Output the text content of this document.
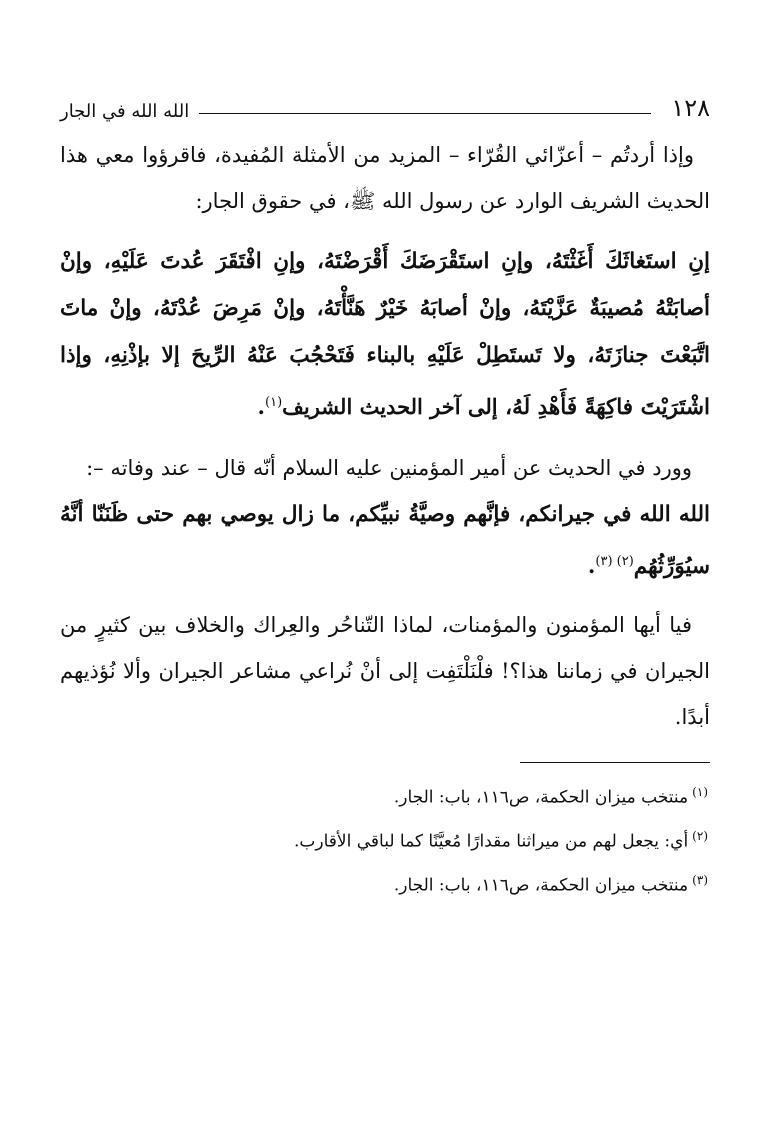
١٢٨
الله الله في الجار

وإذا أردتُم – أعزّائي القُرّاء – المزيد من الأمثلة المُفيدة، فاقرؤوا معي هذا الحديث الشريف الوارد عن رسول الله ﷺ، في حقوق الجار:

إنِ استَغاثَكَ أَغَثْتَهُ، وإنِ استَقْرَضَكَ أَقْرَضْتَهُ، وإنِ افْتَقَرَ عُدتَ عَلَيْهِ، وإنْ أصابَتْهُ مُصيبَةٌ عَزَّيْتَهُ، وإنْ أصابَهُ خَيْرٌ هَنَّأْتَهُ، وإنْ مَرِضَ عُدْتَهُ، وإنْ ماتَ اتَّبَعْتَ جنازَتَهُ، ولا تَستَطِلْ عَلَيْهِ بالبناء فَتَحْجُبَ عَنْهُ الرِّيحَ إلا بإذْنِهِ، وإذا اشْتَرَيْتَ فاكِهَةً فَأَهْدِ لَهُ، إلى آخر الحديث الشريف$^{(١)}$.

وورد في الحديث عن أمير المؤمنين عليه السلام أنّه قال – عند وفاته –:

الله الله في جيرانكم، فإنَّهم وصيَّةُ نبيِّكم، ما زال يوصي بهم حتى ظَنَنّا أنَّهُ سيُوَرِّثُهُم$^{(٢) (٣)}$.

فيا أيها المؤمنون والمؤمنات، لماذا التّناحُر والعِراك والخلاف بين كثيرٍ من الجيران في زماننا هذا؟! فلْنَلْتَفِت إلى أنْ نُراعي مشاعر الجيران وألا نُؤذيهم أبدًا.

$^{(١)}$منتخب ميزان الحكمة، ص١١٦، باب: الجار.

$^{(٢)}$أي: يجعل لهم من ميراثنا مقدارًا مُعيَّنًا كما لباقي الأقارب.

$^{(٣)}$منتخب ميزان الحكمة، ص١١٦، باب: الجار.
